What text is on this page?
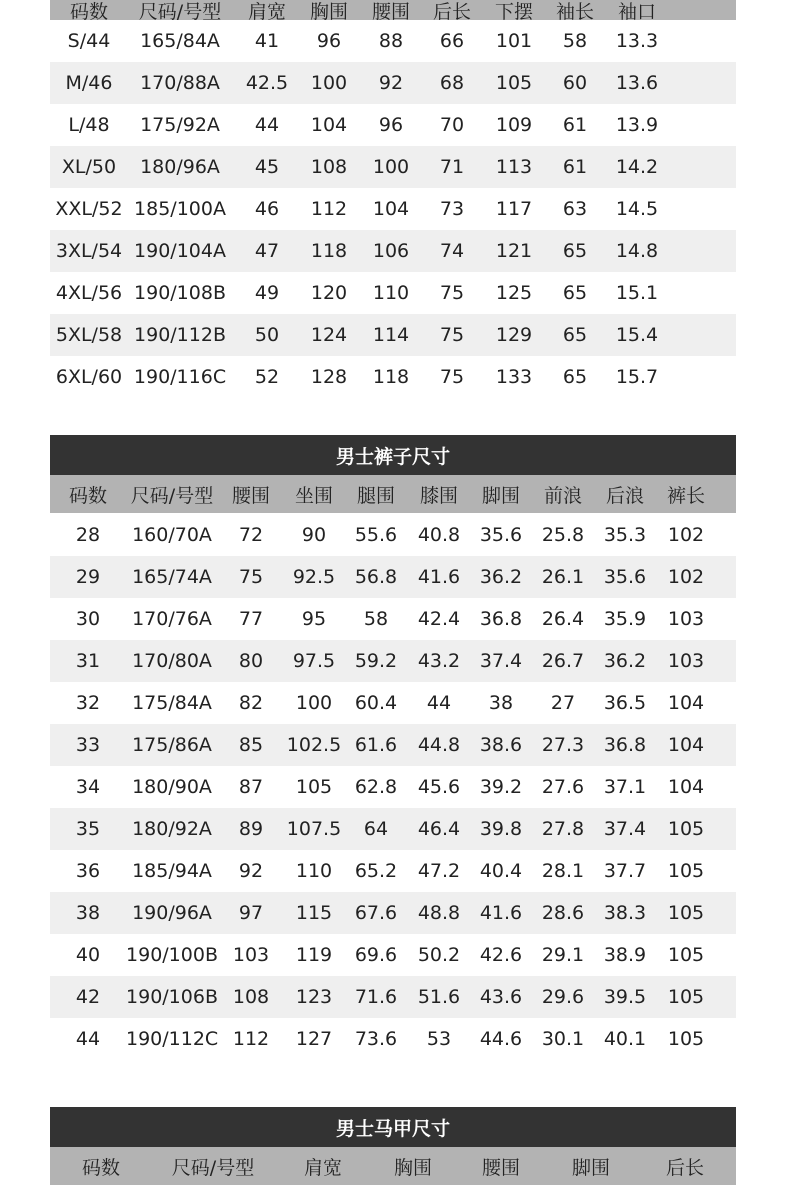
码数	尺码/号型	肩宽	胸围	腰围	后长	下摆	袖长	袖口
S/44	165/84A	41	96	88	66	101	58	13.3
M/46	170/88A	42.5	100	92	68	105	60	13.6
L/48	175/92A	44	104	96	70	109	61	13.9
XL/50	180/96A	45	108	100	71	113	61	14.2
XXL/52 185/100A	46	112	104	73	117	63	14.5
3XL/54 190/104A	47	118	106	74	121	65	14.8
4XL/56 190/108B	49	120	110	75	125	65	15.1
5XL/58 190/112B	50	124	114	75	129	65	15.4
6XL/60 190/116C	52	128	118	75	133	65	15.7
男士裤子尺寸
码数	尺码/号型 腰围	坐围	腿围	膝围	脚围	前浪	后浪	裤长
28	160/70A	72	90	55.6	40.8	35.6	25.8	35.3	102
29	165/74A	75	92.5	56.8	41.6	36.2	26.1	35.6	102
30	170/76A	77	95	58	42.4	36.8	26.4	35.9	103
31	170/80A	80	97.5	59.2	43.2	37.4	26.7	36.2	103
32	175/84A	82	100	60.4	44	38	27	36.5	104
33	175/86A	85	102.5 61.6	44.8	38.6	27.3	36.8	104
34	180/90A	87	105	62.8	45.6	39.2	27.6	37.1	104
35	180/92A	89	107.5	64	46.4	39.8	27.8	37.4	105
36	185/94A	92	110	65.2	47.2	40.4	28.1	37.7	105
38	190/96A	97	115	67.6	48.8	41.6	28.6	38.3	105
40	190/100B 103	119	69.6	50.2	42.6	29.1	38.9	105
42	190/106B 108	123	71.6	51.6	43.6	29.6	39.5	105
44	190/112C 112	127	73.6	53	44.6	30.1	40.1	105
男士马甲尺寸
码数	尺码/号型	肩宽	胸围	腰围	脚围	后长
